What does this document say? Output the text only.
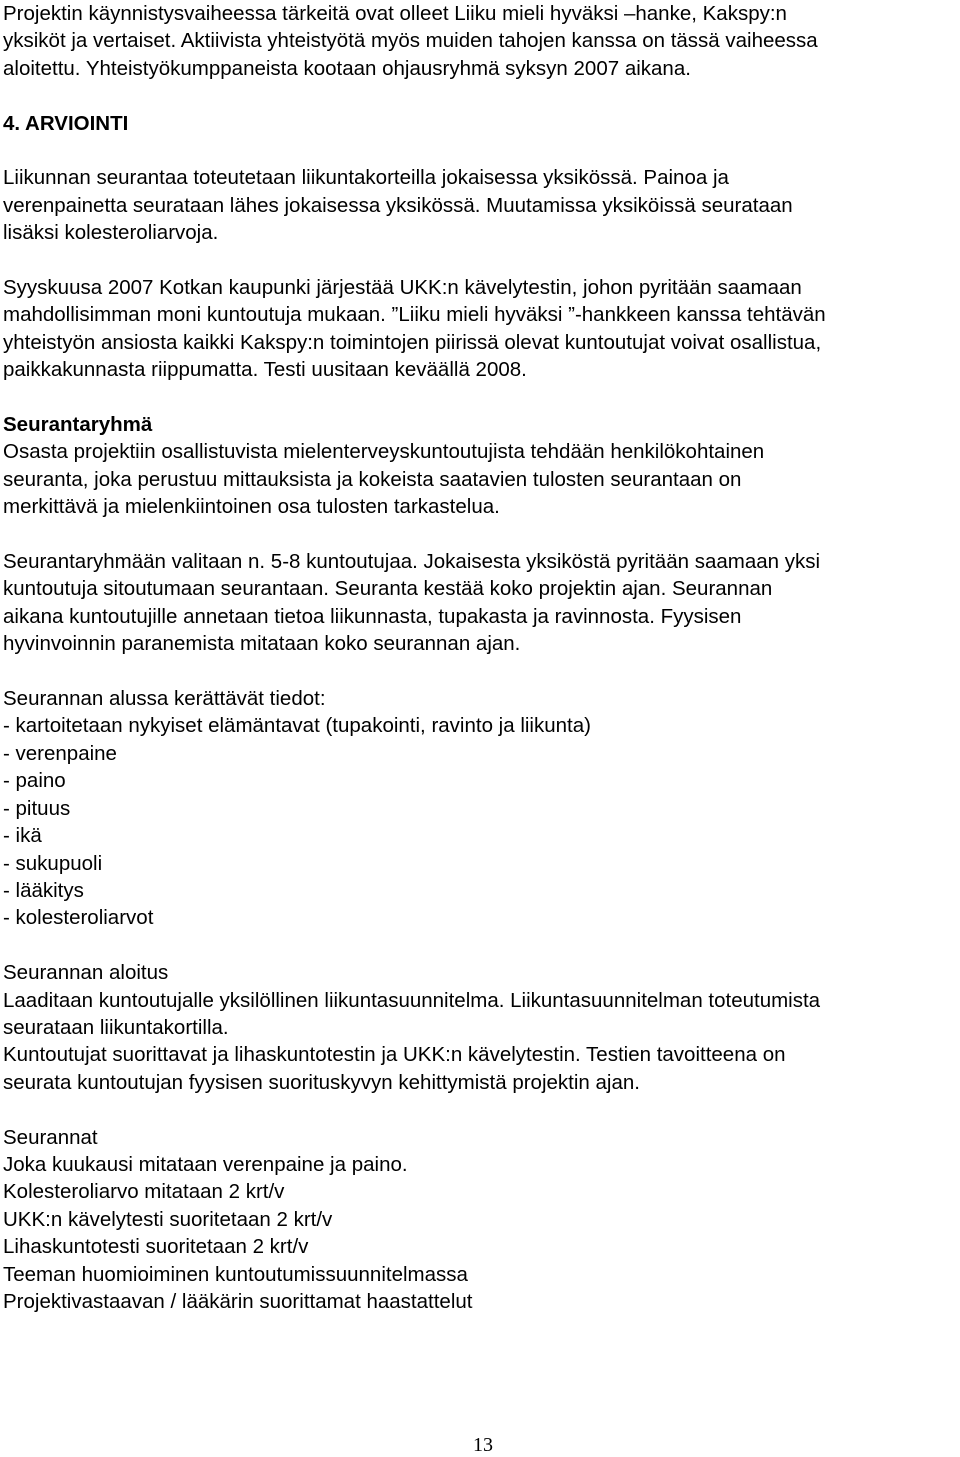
Projektin käynnistysvaiheessa tärkeitä ovat olleet Liiku mieli hyväksi –hanke, Kakspy:n

yksiköt ja vertaiset. Aktiivista yhteistyötä myös muiden tahojen kanssa on tässä vaiheessa

aloitettu. Yhteistyökumppaneista kootaan ohjausryhmä syksyn 2007 aikana.

4. ARVIOINTI

Liikunnan seurantaa toteutetaan liikuntakorteilla jokaisessa yksikössä. Painoa ja

verenpainetta seurataan lähes jokaisessa yksikössä. Muutamissa yksiköissä seurataan

lisäksi kolesteroliarvoja.

Syyskuusa 2007 Kotkan kaupunki järjestää UKK:n kävelytestin, johon pyritään saamaan

mahdollisimman moni kuntoutuja mukaan. ”Liiku mieli hyväksi ”-hankkeen kanssa tehtävän

yhteistyön ansiosta kaikki Kakspy:n toimintojen piirissä olevat kuntoutujat voivat osallistua,

paikkakunnasta riippumatta. Testi uusitaan keväällä 2008.

Seurantaryhmä

Osasta projektiin osallistuvista mielenterveyskuntoutujista tehdään henkilökohtainen

seuranta, joka perustuu mittauksista ja kokeista saatavien tulosten seurantaan on

merkittävä ja mielenkiintoinen osa tulosten tarkastelua.

Seurantaryhmään valitaan n. 5-8 kuntoutujaa. Jokaisesta yksiköstä pyritään saamaan yksi

kuntoutuja sitoutumaan seurantaan. Seuranta kestää koko projektin ajan. Seurannan

aikana kuntoutujille annetaan tietoa liikunnasta, tupakasta ja ravinnosta. Fyysisen

hyvinvoinnin paranemista mitataan koko seurannan ajan.

Seurannan alussa kerättävät tiedot:

- kartoitetaan nykyiset elämäntavat (tupakointi, ravinto ja liikunta)

- verenpaine

- paino

- pituus

- ikä

- sukupuoli

- lääkitys

- kolesteroliarvot

Seurannan aloitus

Laaditaan kuntoutujalle yksilöllinen liikuntasuunnitelma. Liikuntasuunnitelman toteutumista

seurataan liikuntakortilla.

Kuntoutujat suorittavat ja lihaskuntotestin ja UKK:n kävelytestin. Testien tavoitteena on

seurata kuntoutujan fyysisen suorituskyvyn kehittymistä projektin ajan.

Seurannat

Joka kuukausi mitataan verenpaine ja paino.

Kolesteroliarvo mitataan 2 krt/v

UKK:n kävelytesti suoritetaan 2 krt/v

Lihaskuntotesti suoritetaan 2 krt/v

Teeman huomioiminen kuntoutumissuunnitelmassa

Projektivastaavan / lääkärin suorittamat haastattelut

13
